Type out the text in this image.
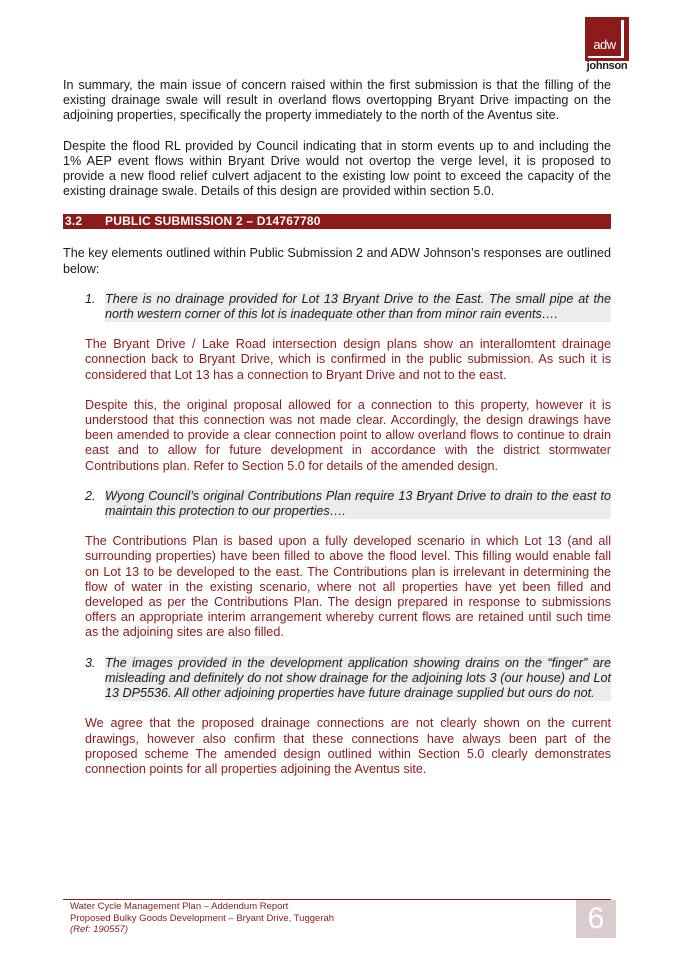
adw
johnson

In summary, the main issue of concern raised within the first submission is that the filling of the existing drainage swale will result in overland flows overtopping Bryant Drive impacting on the adjoining properties, specifically the property immediately to the north of the Aventus site.

Despite the flood RL provided by Council indicating that in storm events up to and including the 1% AEP event flows within Bryant Drive would not overtop the verge level, it is proposed to provide a new flood relief culvert adjacent to the existing low point to exceed the capacity of the existing drainage swale. Details of this design are provided within section 5.0.

3.2 PUBLIC SUBMISSION 2 – D14767780

The key elements outlined within Public Submission 2 and ADW Johnson’s responses are outlined below:

1. There is no drainage provided for Lot 13 Bryant Drive to the East. The small pipe at the north western corner of this lot is inadequate other than from minor rain events….

The Bryant Drive / Lake Road intersection design plans show an interallomtent drainage connection back to Bryant Drive, which is confirmed in the public submission. As such it is considered that Lot 13 has a connection to Bryant Drive and not to the east.

Despite this, the original proposal allowed for a connection to this property, however it is understood that this connection was not made clear. Accordingly, the design drawings have been amended to provide a clear connection point to allow overland flows to continue to drain east and to allow for future development in accordance with the district stormwater Contributions plan. Refer to Section 5.0 for details of the amended design.

2. Wyong Council’s original Contributions Plan require 13 Bryant Drive to drain to the east to maintain this protection to our properties….

The Contributions Plan is based upon a fully developed scenario in which Lot 13 (and all surrounding properties) have been filled to above the flood level. This filling would enable fall on Lot 13 to be developed to the east. The Contributions plan is irrelevant in determining the flow of water in the existing scenario, where not all properties have yet been filled and developed as per the Contributions Plan. The design prepared in response to submissions offers an appropriate interim arrangement whereby current flows are retained until such time as the adjoining sites are also filled.

3. The images provided in the development application showing drains on the “finger” are misleading and definitely do not show drainage for the adjoining lots 3 (our house) and Lot 13 DP5536. All other adjoining properties have future drainage supplied but ours do not.

We agree that the proposed drainage connections are not clearly shown on the current drawings, however also confirm that these connections have always been part of the proposed scheme The amended design outlined within Section 5.0 clearly demonstrates connection points for all properties adjoining the Aventus site.

Water Cycle Management Plan – Addendum Report
Proposed Bulky Goods Development – Bryant Drive, Tuggerah
(Ref: 190557)	6
